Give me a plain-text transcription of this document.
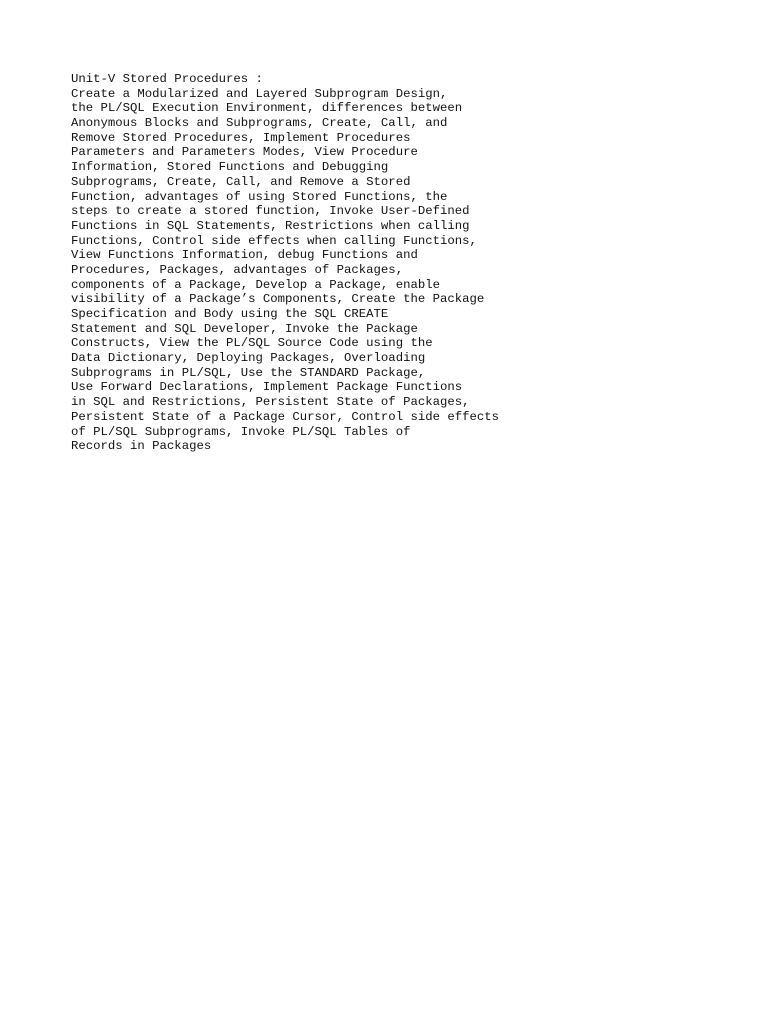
Unit-V Stored Procedures :
Create a Modularized and Layered Subprogram Design,
the PL/SQL Execution Environment, differences between
Anonymous Blocks and Subprograms, Create, Call, and
Remove Stored Procedures, Implement Procedures
Parameters and Parameters Modes, View Procedure
Information, Stored Functions and Debugging
Subprograms, Create, Call, and Remove a Stored
Function, advantages of using Stored Functions, the
steps to create a stored function, Invoke User-Defined
Functions in SQL Statements, Restrictions when calling
Functions, Control side effects when calling Functions,
View Functions Information, debug Functions and
Procedures, Packages, advantages of Packages,
components of a Package, Develop a Package, enable
visibility of a Package’s Components, Create the Package
Specification and Body using the SQL CREATE
Statement and SQL Developer, Invoke the Package
Constructs, View the PL/SQL Source Code using the
Data Dictionary, Deploying Packages, Overloading
Subprograms in PL/SQL, Use the STANDARD Package,
Use Forward Declarations, Implement Package Functions
in SQL and Restrictions, Persistent State of Packages,
Persistent State of a Package Cursor, Control side effects
of PL/SQL Subprograms, Invoke PL/SQL Tables of
Records in Packages
